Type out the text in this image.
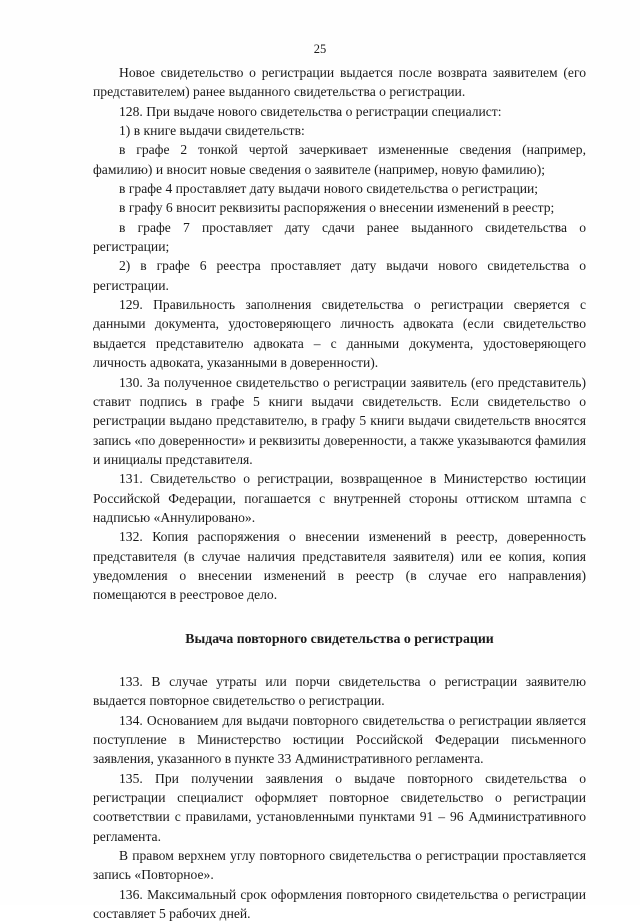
25

Новое свидетельство о регистрации выдается после возврата заявителем (его представителем) ранее выданного свидетельства о регистрации.

128. При выдаче нового свидетельства о регистрации специалист:

1) в книге выдачи свидетельств:

в графе 2 тонкой чертой зачеркивает измененные сведения (например, фамилию) и вносит новые сведения о заявителе (например, новую фамилию);

в графе 4 проставляет дату выдачи нового свидетельства о регистрации;

в графу 6 вносит реквизиты распоряжения о внесении изменений в реестр;

в графе 7 проставляет дату сдачи ранее выданного свидетельства о регистрации;

2) в графе 6 реестра проставляет дату выдачи нового свидетельства о регистрации.

129. Правильность заполнения свидетельства о регистрации сверяется с данными документа, удостоверяющего личность адвоката (если свидетельство выдается представителю адвоката – с данными документа, удостоверяющего личность адвоката, указанными в доверенности).

130. За полученное свидетельство о регистрации заявитель (его представитель) ставит подпись в графе 5 книги выдачи свидетельств. Если свидетельство о регистрации выдано представителю, в графу 5 книги выдачи свидетельств вносятся запись «по доверенности» и реквизиты доверенности, а также указываются фамилия и инициалы представителя.

131. Свидетельство о регистрации, возвращенное в Министерство юстиции Российской Федерации, погашается с внутренней стороны оттиском штампа с надписью «Аннулировано».

132. Копия распоряжения о внесении изменений в реестр, доверенность представителя (в случае наличия представителя заявителя) или ее копия, копия уведомления о внесении изменений в реестр (в случае его направления) помещаются в реестровое дело.

Выдача повторного свидетельства о регистрации

133. В случае утраты или порчи свидетельства о регистрации заявителю выдается повторное свидетельство о регистрации.

134. Основанием для выдачи повторного свидетельства о регистрации является поступление в Министерство юстиции Российской Федерации письменного заявления, указанного в пункте 33 Административного регламента.

135. При получении заявления о выдаче повторного свидетельства о регистрации специалист оформляет повторное свидетельство о регистрации соответствии с правилами, установленными пунктами 91 – 96 Административного регламента.

В правом верхнем углу повторного свидетельства о регистрации проставляется запись «Повторное».

136. Максимальный срок оформления повторного свидетельства о регистрации составляет 5 рабочих дней.
